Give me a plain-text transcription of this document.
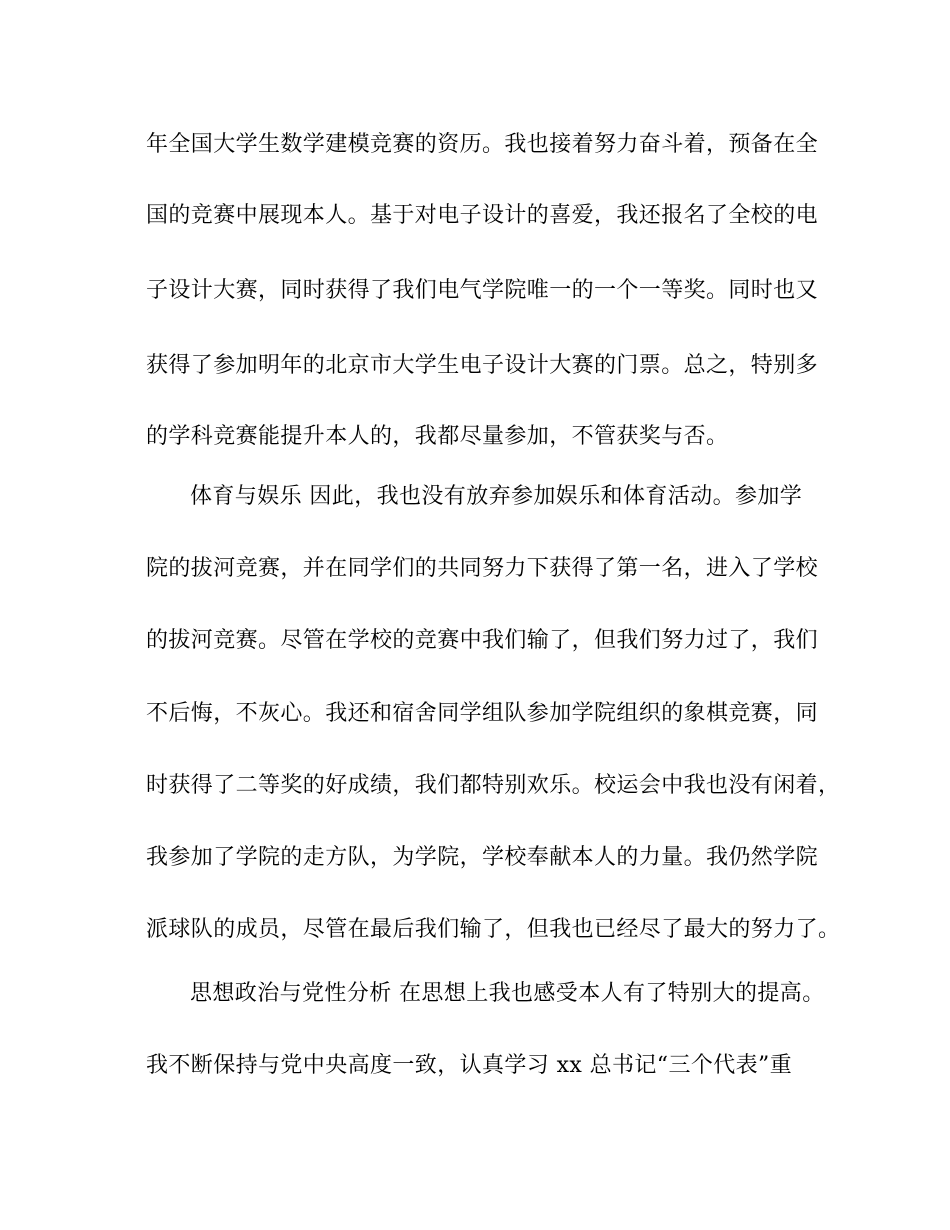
年全国大学生数学建模竞赛的资历。我也接着努力奋斗着，预备在全
国的竞赛中展现本人。基于对电子设计的喜爱，我还报名了全校的电
子设计大赛，同时获得了我们电气学院唯一的一个一等奖。同时也又
获得了参加明年的北京市大学生电子设计大赛的门票。总之，特别多
的学科竞赛能提升本人的，我都尽量参加，不管获奖与否。
体育与娱乐 因此，我也没有放弃参加娱乐和体育活动。参加学
院的拔河竞赛，并在同学们的共同努力下获得了第一名，进入了学校
的拔河竞赛。尽管在学校的竞赛中我们输了，但我们努力过了，我们
不后悔，不灰心。我还和宿舍同学组队参加学院组织的象棋竞赛，同
时获得了二等奖的好成绩，我们都特别欢乐。校运会中我也没有闲着，
我参加了学院的走方队，为学院，学校奉献本人的力量。我仍然学院
派球队的成员，尽管在最后我们输了，但我也已经尽了最大的努力了。
思想政治与党性分析 在思想上我也感受本人有了特别大的提高。
我不断保持与党中央高度一致，认真学习 xx 总书记“三个代表”重
